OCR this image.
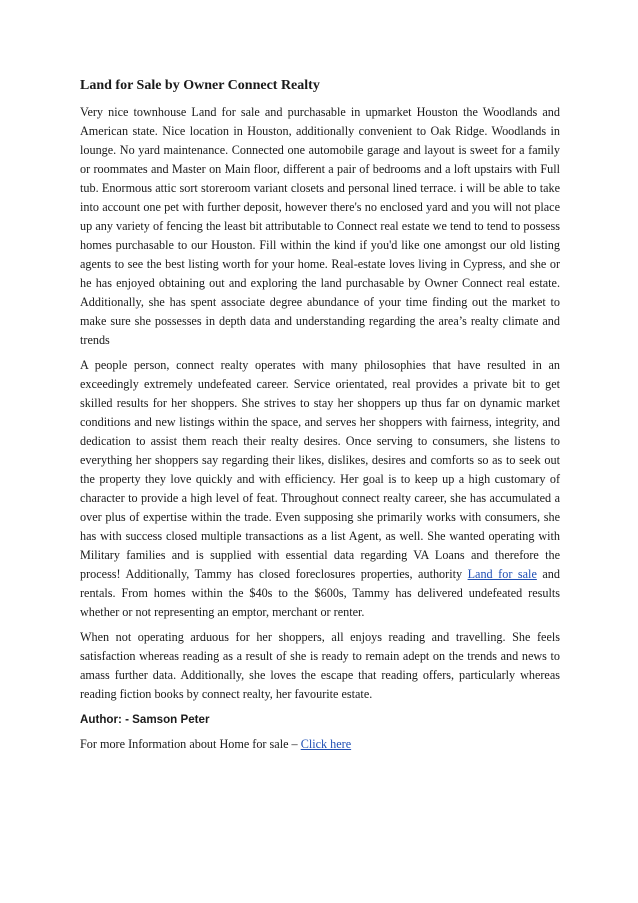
Land for Sale by Owner Connect Realty

Very nice townhouse Land for sale and purchasable in upmarket Houston the Woodlands and American state. Nice location in Houston, additionally convenient to Oak Ridge. Woodlands in lounge. No yard maintenance. Connected one automobile garage and layout is sweet for a family or roommates and Master on Main floor, different a pair of bedrooms and a loft upstairs with Full tub. Enormous attic sort storeroom variant closets and personal lined terrace. i will be able to take into account one pet with further deposit, however there's no enclosed yard and you will not place up any variety of fencing the least bit attributable to Connect real estate we tend to tend to possess homes purchasable to our Houston. Fill within the kind if you'd like one amongst our old listing agents to see the best listing worth for your home. Real-estate loves living in Cypress, and she or he has enjoyed obtaining out and exploring the land purchasable by Owner Connect real estate. Additionally, she has spent associate degree abundance of your time finding out the market to make sure she possesses in depth data and understanding regarding the area’s realty climate and trends

A people person, connect realty operates with many philosophies that have resulted in an exceedingly extremely undefeated career. Service orientated, real provides a private bit to get skilled results for her shoppers. She strives to stay her shoppers up thus far on dynamic market conditions and new listings within the space, and serves her shoppers with fairness, integrity, and dedication to assist them reach their realty desires. Once serving to consumers, she listens to everything her shoppers say regarding their likes, dislikes, desires and comforts so as to seek out the property they love quickly and with efficiency. Her goal is to keep up a high customary of character to provide a high level of feat. Throughout connect realty career, she has accumulated a over plus of expertise within the trade. Even supposing she primarily works with consumers, she has with success closed multiple transactions as a list Agent, as well. She wanted operating with Military families and is supplied with essential data regarding VA Loans and therefore the process! Additionally, Tammy has closed foreclosures properties, authority Land for sale and rentals. From homes within the $40s to the $600s, Tammy has delivered undefeated results whether or not representing an emptor, merchant or renter.

When not operating arduous for her shoppers, all enjoys reading and travelling. She feels satisfaction whereas reading as a result of she is ready to remain adept on the trends and news to amass further data. Additionally, she loves the escape that reading offers, particularly whereas reading fiction books by connect realty, her favourite estate.

Author: - Samson Peter
For more Information about Home for sale – Click here
